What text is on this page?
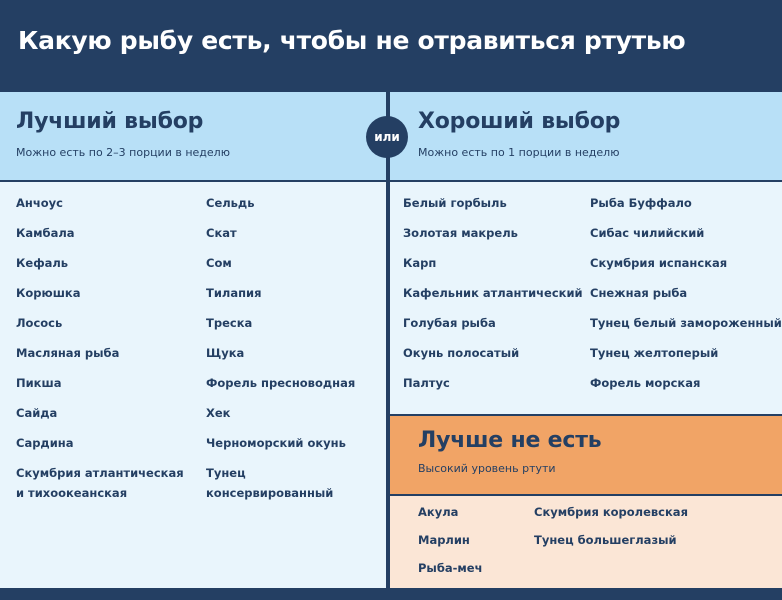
Какую рыбу есть, чтобы не отравиться ртутью
Лучший выбор
Можно есть по 2–3 порции в неделю
Анчоус
Камбала
Кефаль
Корюшка
Лосось
Масляная рыба
Пикша
Сайда
Сардина
Скумбрия атлантическая
и тихоокеанская
Сельдь
Скат
Сом
Тилапия
Треска
Щука
Форель пресноводная
Хек
Черноморский окунь
Тунец
консервированный
Хороший выбор
Можно есть по 1 порции в неделю
Белый горбыль
Золотая макрель
Карп
Кафельник атлантический
Голубая рыба
Окунь полосатый
Палтус
Рыба Буффало
Сибас чилийский
Скумбрия испанская
Снежная рыба
Тунец белый замороженный
Тунец желтоперый
Форель морская
Лучше не есть
Высокий уровень ртути
Акула
Марлин
Рыба-меч
Скумбрия королевская
Тунец большеглазый
или
